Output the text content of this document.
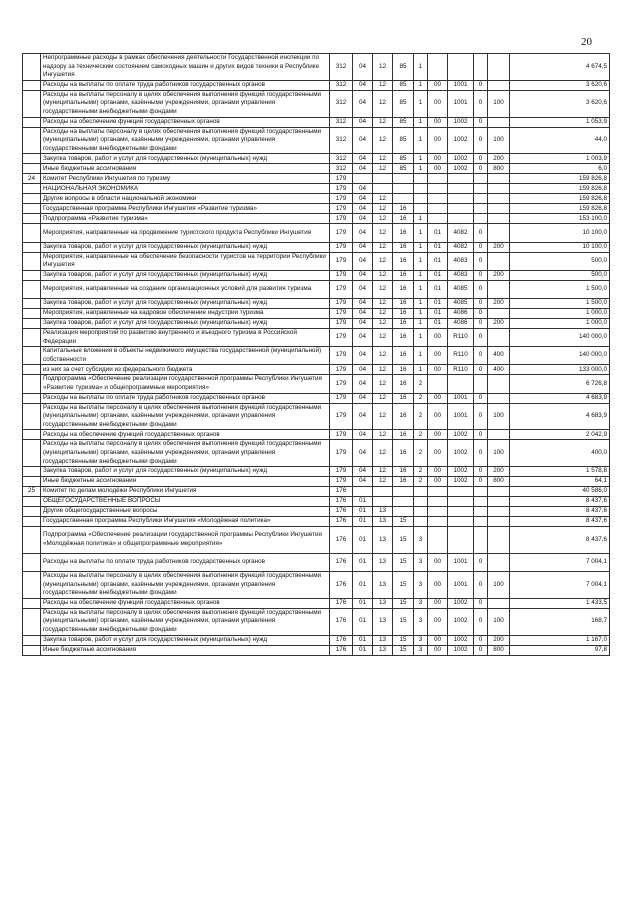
20
	Непрограммные расходы в рамках обеспечения деятельности Государственной инспекции по надзору за техническим состоянием самоходных машин и других видов техники в Республике Ингушетия	312	04	12	85	1					4 674,5
	Расходы на выплаты по оплате труда работников государственных органов	312	04	12	85	1	00	1001	0		3 620,6
	Расходы на выплаты персоналу в целях обеспечения выполнения функций государственными (муниципальными) органами, казёнными учреждениями, органами управления государственными внебюджетными фондами	312	04	12	85	1	00	1001	0	100	3 620,6
	Расходы на обеспечение функций государственных органов	312	04	12	85	1	00	1002	0		1 053,9
	Расходы на выплаты персоналу в целях обеспечения выполнения функций государственными (муниципальными) органами, казёнными учреждениями, органами управления государственными внебюджетными фондами	312	04	12	85	1	00	1002	0	100	44,0
	Закупка товаров, работ и услуг для государственных (муниципальных) нужд	312	04	12	85	1	00	1002	0	200	1 003,9
	Иные бюджетные ассигнования	312	04	12	85	1	00	1002	0	800	6,0
24	Комитет Республики Ингушетия по туризму	179									159 826,8
	НАЦИОНАЛЬНАЯ ЭКОНОМИКА	179	04								159 826,8
	Другие вопросы в области национальной экономики	179	04	12							159 826,8
	Государственная программа Республики Ингушетия «Развитие туризма»	179	04	12	16						159 826,8
	Подпрограмма «Развитие туризма»	179	04	12	16	1					153 100,0
	Мероприятия, направленные на продвижение туристского продукта Республики Ингушетия	179	04	12	16	1	01	4082	0		10 100,0
	Закупка товаров, работ и услуг для государственных (муниципальных) нужд	179	04	12	16	1	01	4082	0	200	10 100,0
	Мероприятия, направленные на обеспечение безопасности туристов на территории Республики Ингушетия	179	04	12	16	1	01	4083	0		500,0
	Закупка товаров, работ и услуг для государственных (муниципальных) нужд	179	04	12	16	1	01	4083	0	200	500,0
	Мероприятия, направленные на создание организационных условий для развития туризма	179	04	12	16	1	01	4085	0		1 500,0
	Закупка товаров, работ и услуг для государственных (муниципальных) нужд	179	04	12	16	1	01	4085	0	200	1 500,0
	Мероприятия, направленные на кадровое обеспечение индустрии туризма	179	04	12	16	1	01	4086	0		1 000,0
	Закупка товаров, работ и услуг для государственных (муниципальных) нужд	179	04	12	16	1	01	4086	0	200	1 000,0
	Реализация мероприятий по развитию внутреннего и въездного туризма в Российской Федерации	179	04	12	16	1	00	R110	0		140 000,0
	Капитальные вложения в объекты недвижимого имущества государственной (муниципальной) собственности	179	04	12	16	1	00	R110	0	400	140 000,0
	из них за счет субсидии из федерального бюджета	179	04	12	16	1	00	R110	0	400	133 000,0
	Подпрограмма «Обеспечение реализации государственной программы Республики Ингушетия «Развитие туризма» и общепрограммные мероприятия»	179	04	12	16	2					6 726,8
	Расходы на выплаты по оплате труда работников государственных органов	179	04	12	16	2	00	1001	0		4 683,9
	Расходы на выплаты персоналу в целях обеспечения выполнения функций государственными (муниципальными) органами, казёнными учреждениями, органами управления государственными внебюджетными фондами	179	04	12	16	2	00	1001	0	100	4 683,9
	Расходы на обеспечение функций государственных органов	179	04	12	16	2	00	1002	0		2 042,9
	Расходы на выплаты персоналу в целях обеспечения выполнения функций государственными (муниципальными) органами, казёнными учреждениями, органами управления государственными внебюджетными фондами	179	04	12	16	2	00	1002	0	100	400,0
	Закупка товаров, работ и услуг для государственных (муниципальных) нужд	179	04	12	16	2	00	1002	0	200	1 578,8
	Иные бюджетные ассигнования	179	04	12	16	2	00	1002	0	800	64,1
25	Комитет по делам молодёжи Республики Ингушетия	176									40 586,0
	ОБЩЕГОСУДАРСТВЕННЫЕ ВОПРОСЫ	176	01								8 437,6
	Другие общегосударственные вопросы	176	01	13							8 437,6
	Государственная программа Республики Ингушетия «Молодёжная политика»	176	01	13	15						8 437,6
	Подпрограмма «Обеспечение реализации государственной программы Республики Ингушетия «Молодёжная политика» и общепрограммные мероприятия»	176	01	13	15	3					8 437,6
	Расходы на выплаты по оплате труда работников государственных органов	176	01	13	15	3	00	1001	0		7 004,1
	Расходы на выплаты персоналу в целях обеспечения выполнения функций государственными (муниципальными) органами, казёнными учреждениями, органами управления государственными внебюджетными фондами	176	01	13	15	3	00	1001	0	100	7 004,1
	Расходы на обеспечение функций государственных органов	176	01	13	15	3	00	1002	0		1 433,5
	Расходы на выплаты персоналу в целях обеспечения выполнения функций государственными (муниципальными) органами, казёнными учреждениями, органами управления государственными внебюджетными фондами	176	01	13	15	3	00	1002	0	100	168,7
	Закупка товаров, работ и услуг для государственных (муниципальных) нужд	176	01	13	15	3	00	1002	0	200	1 167,0
	Иные бюджетные ассигнования	176	01	13	15	3	00	1002	0	800	97,8
